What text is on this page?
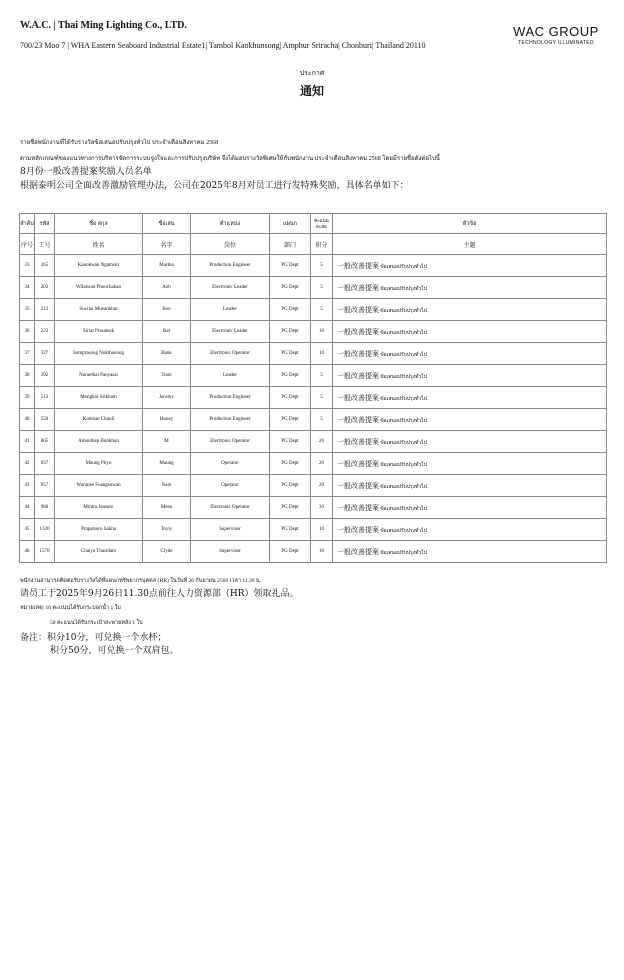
W.A.C. | Thai Ming Lighting Co., LTD.
700/23 Moo 7 | WHA Eastern Seaboard Industrial Estate1| Tambol Kaokhunsong| Amphur Sriracha| Chonburi| Thailand 20110
WAC GROUP
TECHNOLOGY ILLUMINATED
ประกาศ
通知
รายชื่อพนักงานที่ได้รับรางวัลข้อเสนอปรับปรุงทั่วไป ประจำเดือนสิงหาคม 2568
ตามหลักเกณฑ์ของแนวทางการบริหารจัดการระบบจูงใจและการปรับปรุงบริษัท จึงได้มอบรางวัลพิเศษให้กับพนักงาน ประจำเดือนสิงหาคม 2568 โดยมีรายชื่อดังต่อไปนี้
8月份一般改善提案奖励人员名单
根据泰明公司全面改善激励管理办法，公司在2025年8月对员工进行发特殊奖励，具体名单如下：
ลำดับ	รหัส	ชื่อ สกุล	ชื่อเล่น	ตำแหน่ง	แผนก	คะแนน สะสม	หัวข้อ
序号	工号	姓名	名字	岗位	部门	积分	主题
33	165	Kanokwan Ngamsiri	Martha	Production Engineer	PG Dept	5	一般改善提案 ข้อเสนอปรับปรุงทั่วไป
34	203	Wilaiwan Phoochahan	Aob	Electronic Leader	PG Dept	5	一般改善提案 ข้อเสนอปรับปรุงทั่วไป
35	213	Siwilai Mueankhut	Bon	Leader	PG Dept	5	一般改善提案 ข้อเสนอปรับปรุงทั่วไป
36	223	Siriat Prasatsok	Rat	Electronic Leader	PG Dept	10	一般改善提案 ข้อเสนอปรับปรุงทั่วไป
37	327	Somprasong Nokthanong	Bank	Electronic Operator	PG Dept	10	一般改善提案 ข้อเสนอปรับปรุงทั่วไป
38	392	Naruethai Panyasai	Toon	Leader	PG Dept	5	一般改善提案 ข้อเสนอปรับปรุงทั่วไป
39	513	Mongkol Srikham	Jeromy	Production Engineer	PG Dept	5	一般改善提案 ข้อเสนอปรับปรุงทั่วไป
40	550	Komsun Chunli	Honey	Production Engineer	PG Dept	5	一般改善提案 ข้อเสนอปรับปรุงทั่วไป
41	865	Amonthep Bunkhun	M	Electronic Operator	PG Dept	20	一般改善提案 ข้อเสนอปรับปรุงทั่วไป
42	937	Maung Phyo	Maung	Operator	PG Dept	20	一般改善提案 ข้อเสนอปรับปรุงทั่วไป
43	957	Warunee Fuangsuwan	Nam	Operator	PG Dept	20	一般改善提案 ข้อเสนอปรับปรุงทั่วไป
44	960	Mintra Jansorn	Meen	Electronic Operator	PG Dept	30	一般改善提案 ข้อเสนอปรับปรุงทั่วไป
45	1320	Prapatsorn Sakha	Toyly	Supervisor	PG Dept	10	一般改善提案 ข้อเสนอปรับปรุงทั่วไป
46	1570	Chaiya Thasidam	Clyde	Supervisor	PG Dept	10	一般改善提案 ข้อเสนอปรับปรุงทั่วไป
พนักงานสามารถติดต่อรับรางวัลได้ที่แผนกทรัพยากรบุคคล (HR) ในวันที่ 26 กันยายน 2568 เวลา 11.30 น.
请员工于2025年9月26日11.30点前往人力资源部（HR）领取礼品。
หมายเหตุ: 10 คะแนนได้รับกระบอกน้ำ 1 ใบ
50 คะแนนได้รับกระเป๋าสะพายหลัง 1 ใบ
备注：积分10分，可兑换一个水杯；
积分50分，可兑换一个双肩包。
